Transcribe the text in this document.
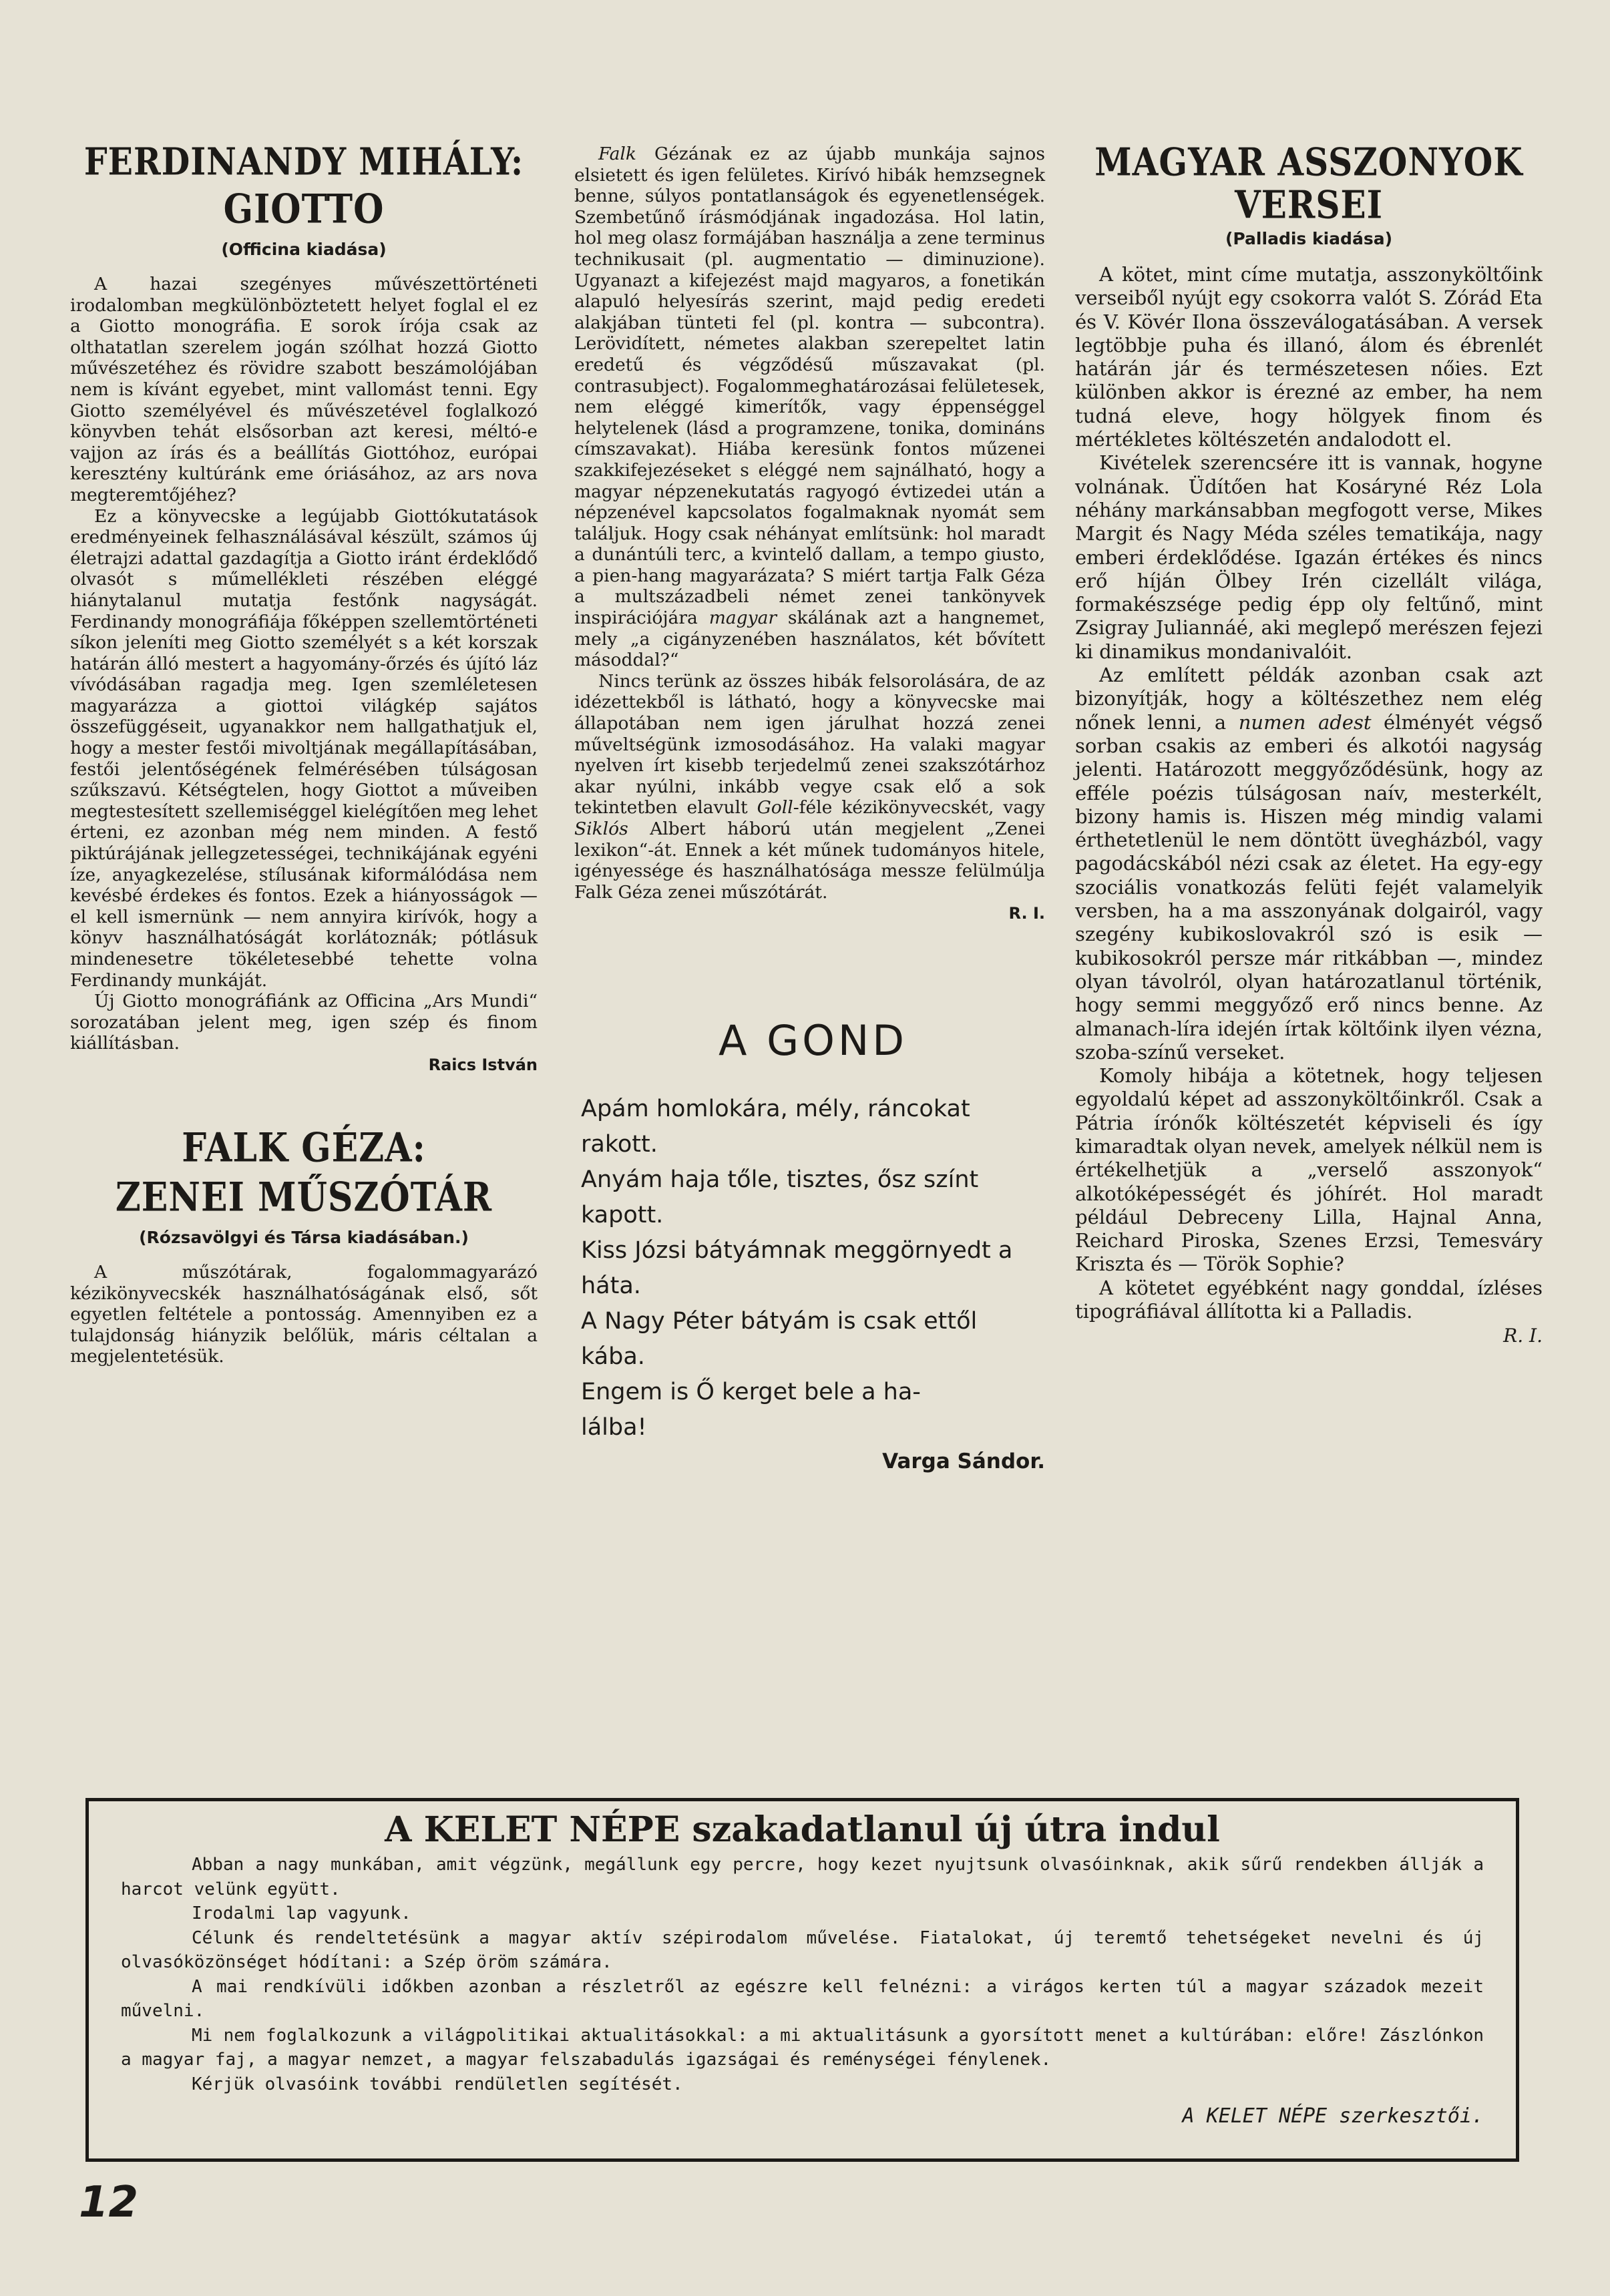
FERDINANDY MIHÁLY:
GIOTTO
(Officina kiadása)

A hazai szegényes művészettörténeti irodalomban megkülönböztetett helyet foglal el ez a Giotto monográfia. E sorok írója csak az olthatatlan szerelem jogán szólhat hozzá Giotto művészetéhez és rövidre szabott beszámolójában nem is kívánt egyebet, mint vallomást tenni. Egy Giotto személyével és művészetével foglalkozó könyvben tehát elsősorban azt keresi, méltó-e vajjon az írás és a beállítás Giottóhoz, európai keresztény kultúránk eme óriásához, az ars nova megteremtőjéhez?

Ez a könyvecske a legújabb Giottókutatások eredményeinek felhasználásával készült, számos új életrajzi adattal gazdagítja a Giotto iránt érdeklődő olvasót s műmellékleti részében eléggé hiánytalanul mutatja festőnk nagyságát. Ferdinandy monográfiája főképpen szellemtörténeti síkon jeleníti meg Giotto személyét s a két korszak határán álló mestert a hagyomány-őrzés és újító láz vívódásában ragadja meg. Igen szemléletesen magyarázza a giottoi világkép sajátos összefüggéseit, ugyanakkor nem hallgathatjuk el, hogy a mester festői mivoltjának megállapításában, festői jelentőségének felmérésében túlságosan szűkszavú. Kétségtelen, hogy Giottot a műveiben megtestesített szellemiséggel kielégítően meg lehet érteni, ez azonban még nem minden. A festő piktúrájának jellegzetességei, technikájának egyéni íze, anyagkezelése, stílusának kiformálódása nem kevésbé érdekes és fontos. Ezek a hiányosságok — el kell ismernünk — nem annyira kirívók, hogy a könyv használhatóságát korlátoznák; pótlásuk mindenesetre tökéletesebbé tehette volna Ferdinandy munkáját.

Új Giotto monográfiánk az Officina „Ars Mundi“ sorozatában jelent meg, igen szép és finom kiállításban.

Raics István
FALK GÉZA:
ZENEI MŰSZÓTÁR
(Rózsavölgyi és Társa kiadásában.)

A műszótárak, fogalommagyarázó kézikönyvecskék használhatóságának első, sőt egyetlen feltétele a pontosság. Amennyiben ez a tulajdonság hiányzik belőlük, máris céltalan a megjelentetésük.

Falk Gézának ez az újabb munkája sajnos elsietett és igen felületes. Kirívó hibák hemzsegnek benne, súlyos pontatlanságok és egyenetlenségek. Szembetűnő írásmódjának ingadozása. Hol latin, hol meg olasz formájában használja a zene terminus technikusait (pl. augmentatio — diminuzione). Ugyanazt a kifejezést majd magyaros, a fonetikán alapuló helyesírás szerint, majd pedig eredeti alakjában tünteti fel (pl. kontra — subcontra). Lerövidített, németes alakban szerepeltet latin eredetű és végződésű műszavakat (pl. contrasubject). Fogalommeghatározásai felületesek, nem eléggé kimerítők, vagy éppenséggel helytelenek (lásd a programzene, tonika, domináns címszavakat). Hiába keresünk fontos műzenei szakkifejezéseket s eléggé nem sajnálható, hogy a magyar népzenekutatás ragyogó évtizedei után a népzenével kapcsolatos fogalmaknak nyomát sem találjuk. Hogy csak néhányat említsünk: hol maradt a dunántúli terc, a kvintelő dallam, a tempo giusto, a pien-hang magyarázata? S miért tartja Falk Géza a multszázadbeli német zenei tankönyvek inspirációjára magyar skálának azt a hangnemet, mely „a cigányzenében használatos, két bővített másoddal?“

Nincs terünk az összes hibák felsorolására, de az idézettekből is látható, hogy a könyvecske mai állapotában nem igen járulhat hozzá zenei műveltségünk izmosodásához. Ha valaki magyar nyelven írt kisebb terjedelmű zenei szakszótárhoz akar nyúlni, inkább vegye csak elő a sok tekintetben elavult Goll-féle kézikönyvecskét, vagy Siklós Albert háború után megjelent „Zenei lexikon“-át. Ennek a két műnek tudományos hitele, igényessége és használhatósága messze felülmúlja Falk Géza zenei műszótárát.

R. I.
A GOND

Apám homlokára, mély, ráncokat

rakott.

Anyám haja tőle, tisztes, ősz színt

kapott.

Kiss Józsi bátyámnak meggörnyedt a

háta.

A Nagy Péter bátyám is csak ettől

kába.

Engem is Ő kerget bele a ha-

lálba!

Varga Sándor.
MAGYAR ASSZONYOK
VERSEI
(Palladis kiadása)

A kötet, mint címe mutatja, asszonyköltőink verseiből nyújt egy csokorra valót S. Zórád Eta és V. Kövér Ilona összeválogatásában. A versek legtöbbje puha és illanó, álom és ébrenlét határán jár és természetesen nőies. Ezt különben akkor is érezné az ember, ha nem tudná eleve, hogy hölgyek finom és mértékletes költészetén andalodott el.

Kivételek szerencsére itt is vannak, hogyne volnának. Üdítően hat Kosáryné Réz Lola néhány markánsabban megfogott verse, Mikes Margit és Nagy Méda széles tematikája, nagy emberi érdeklődése. Igazán értékes és nincs erő híján Ölbey Irén cizellált világa, formakészsége pedig épp oly feltűnő, mint Zsigray Juliannáé, aki meglepő merészen fejezi ki dinamikus mondanivalóit.

Az említett példák azonban csak azt bizonyítják, hogy a költészethez nem elég nőnek lenni, a numen adest élményét végső sorban csakis az emberi és alkotói nagyság jelenti. Határozott meggyőződésünk, hogy az efféle poézis túlságosan naív, mesterkélt, bizony hamis is. Hiszen még mindig valami érthetetlenül le nem döntött üvegházból, vagy pagodácskából nézi csak az életet. Ha egy-egy szociális vonatkozás felüti fejét valamelyik versben, ha a ma asszonyának dolgairól, vagy szegény kubikoslovakról szó is esik — kubikosokról persze már ritkábban —, mindez olyan távolról, olyan határozatlanul történik, hogy semmi meggyőző erő nincs benne. Az almanach-líra idején írtak költőink ilyen vézna, szoba-színű verseket.

Komoly hibája a kötetnek, hogy teljesen egyoldalú képet ad asszonyköltőinkről. Csak a Pátria írónők költészetét képviseli és így kimaradtak olyan nevek, amelyek nélkül nem is értékelhetjük a „verselő asszonyok“ alkotóképességét és jóhírét. Hol maradt például Debreceny Lilla, Hajnal Anna, Reichard Piroska, Szenes Erzsi, Temesváry Kriszta és — Török Sophie?

A kötetet egyébként nagy gonddal, ízléses tipográfiával állította ki a Palladis.

R. I.
A KELET NÉPE szakadatlanul új útra indul

Abban a nagy munkában, amit végzünk, megállunk egy percre, hogy kezet nyujtsunk olvasóinknak, akik sűrű rendekben állják a harcot velünk együtt.

Irodalmi lap vagyunk.

Célunk és rendeltetésünk a magyar aktív szépirodalom művelése. Fiatalokat, új teremtő tehetségeket nevelni és új olvasóközönséget hódítani: a Szép öröm számára.

A mai rendkívüli időkben azonban a részletről az egészre kell felnézni: a virágos kerten túl a magyar századok mezeit művelni.

Mi nem foglalkozunk a világpolitikai aktualitásokkal: a mi aktualitásunk a gyorsított menet a kultúrában: előre! Zászlónkon a magyar faj, a magyar nemzet, a magyar felszabadulás igazságai és reménységei fénylenek.

Kérjük olvasóink további rendületlen segítését.

A KELET NÉPE szerkesztői.
12
